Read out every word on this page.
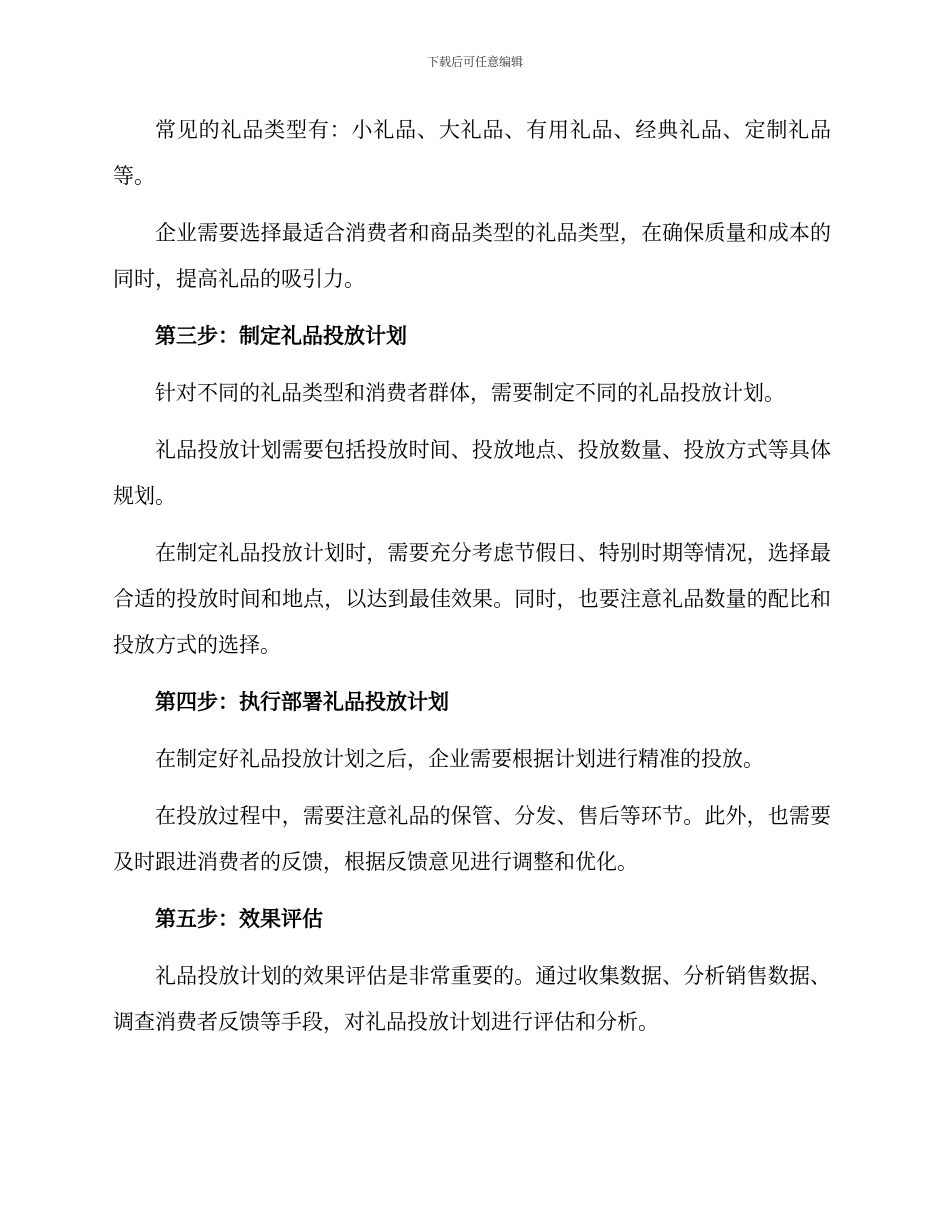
下载后可任意编辑

常见的礼品类型有：小礼品、大礼品、有用礼品、经典礼品、定制礼品等。

企业需要选择最适合消费者和商品类型的礼品类型，在确保质量和成本的同时，提高礼品的吸引力。

第三步：制定礼品投放计划

针对不同的礼品类型和消费者群体，需要制定不同的礼品投放计划。

礼品投放计划需要包括投放时间、投放地点、投放数量、投放方式等具体规划。

在制定礼品投放计划时，需要充分考虑节假日、特别时期等情况，选择最合适的投放时间和地点，以达到最佳效果。同时，也要注意礼品数量的配比和投放方式的选择。

第四步：执行部署礼品投放计划

在制定好礼品投放计划之后，企业需要根据计划进行精准的投放。

在投放过程中，需要注意礼品的保管、分发、售后等环节。此外，也需要及时跟进消费者的反馈，根据反馈意见进行调整和优化。

第五步：效果评估

礼品投放计划的效果评估是非常重要的。通过收集数据、分析销售数据、调查消费者反馈等手段，对礼品投放计划进行评估和分析。
